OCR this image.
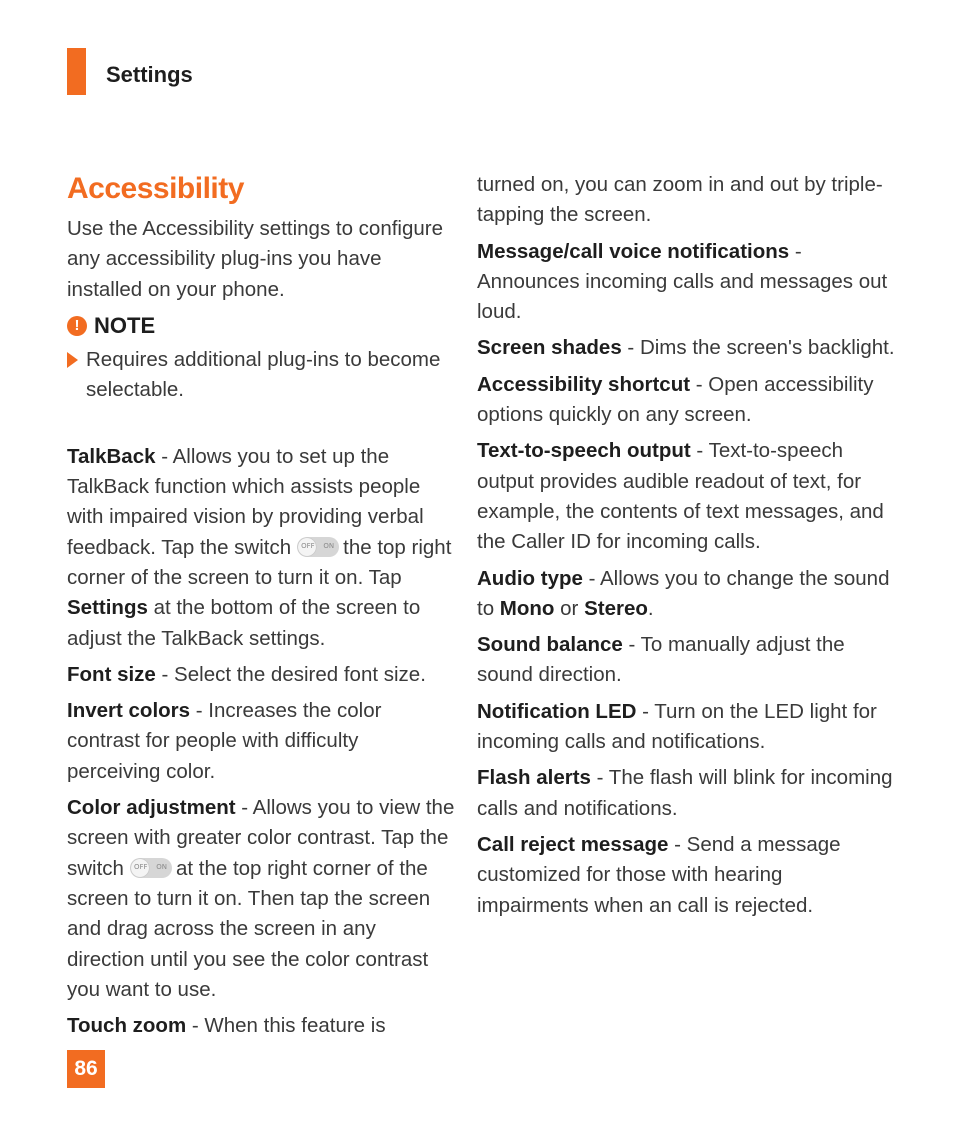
Settings
Accessibility

Use the Accessibility settings to configure any accessibility plug-ins you have installed on your phone.

! NOTE
Requires additional plug-ins to become selectable.

TalkBack - Allows you to set up the TalkBack function which assists people with impaired vision by providing verbal feedback. Tap the switch OFF ON the top right corner of the screen to turn it on. Tap Settings at the bottom of the screen to adjust the TalkBack settings.

Font size - Select the desired font size.

Invert colors - Increases the color contrast for people with difficulty perceiving color.

Color adjustment - Allows you to view the screen with greater color contrast. Tap the switch OFF ON at the top right corner of the screen to turn it on. Then tap the screen and drag across the screen in any direction until you see the color contrast you want to use.

Touch zoom - When this feature is

turned on, you can zoom in and out by triple-tapping the screen.

Message/call voice notifications - Announces incoming calls and messages out loud.

Screen shades - Dims the screen's backlight.

Accessibility shortcut - Open accessibility options quickly on any screen.

Text-to-speech output - Text-to-speech output provides audible readout of text, for example, the contents of text messages, and the Caller ID for incoming calls.

Audio type - Allows you to change the sound to Mono or Stereo.

Sound balance - To manually adjust the sound direction.

Notification LED - Turn on the LED light for incoming calls and notifications.

Flash alerts - The flash will blink for incoming calls and notifications.

Call reject message - Send a message customized for those with hearing impairments when an call is rejected.

86
